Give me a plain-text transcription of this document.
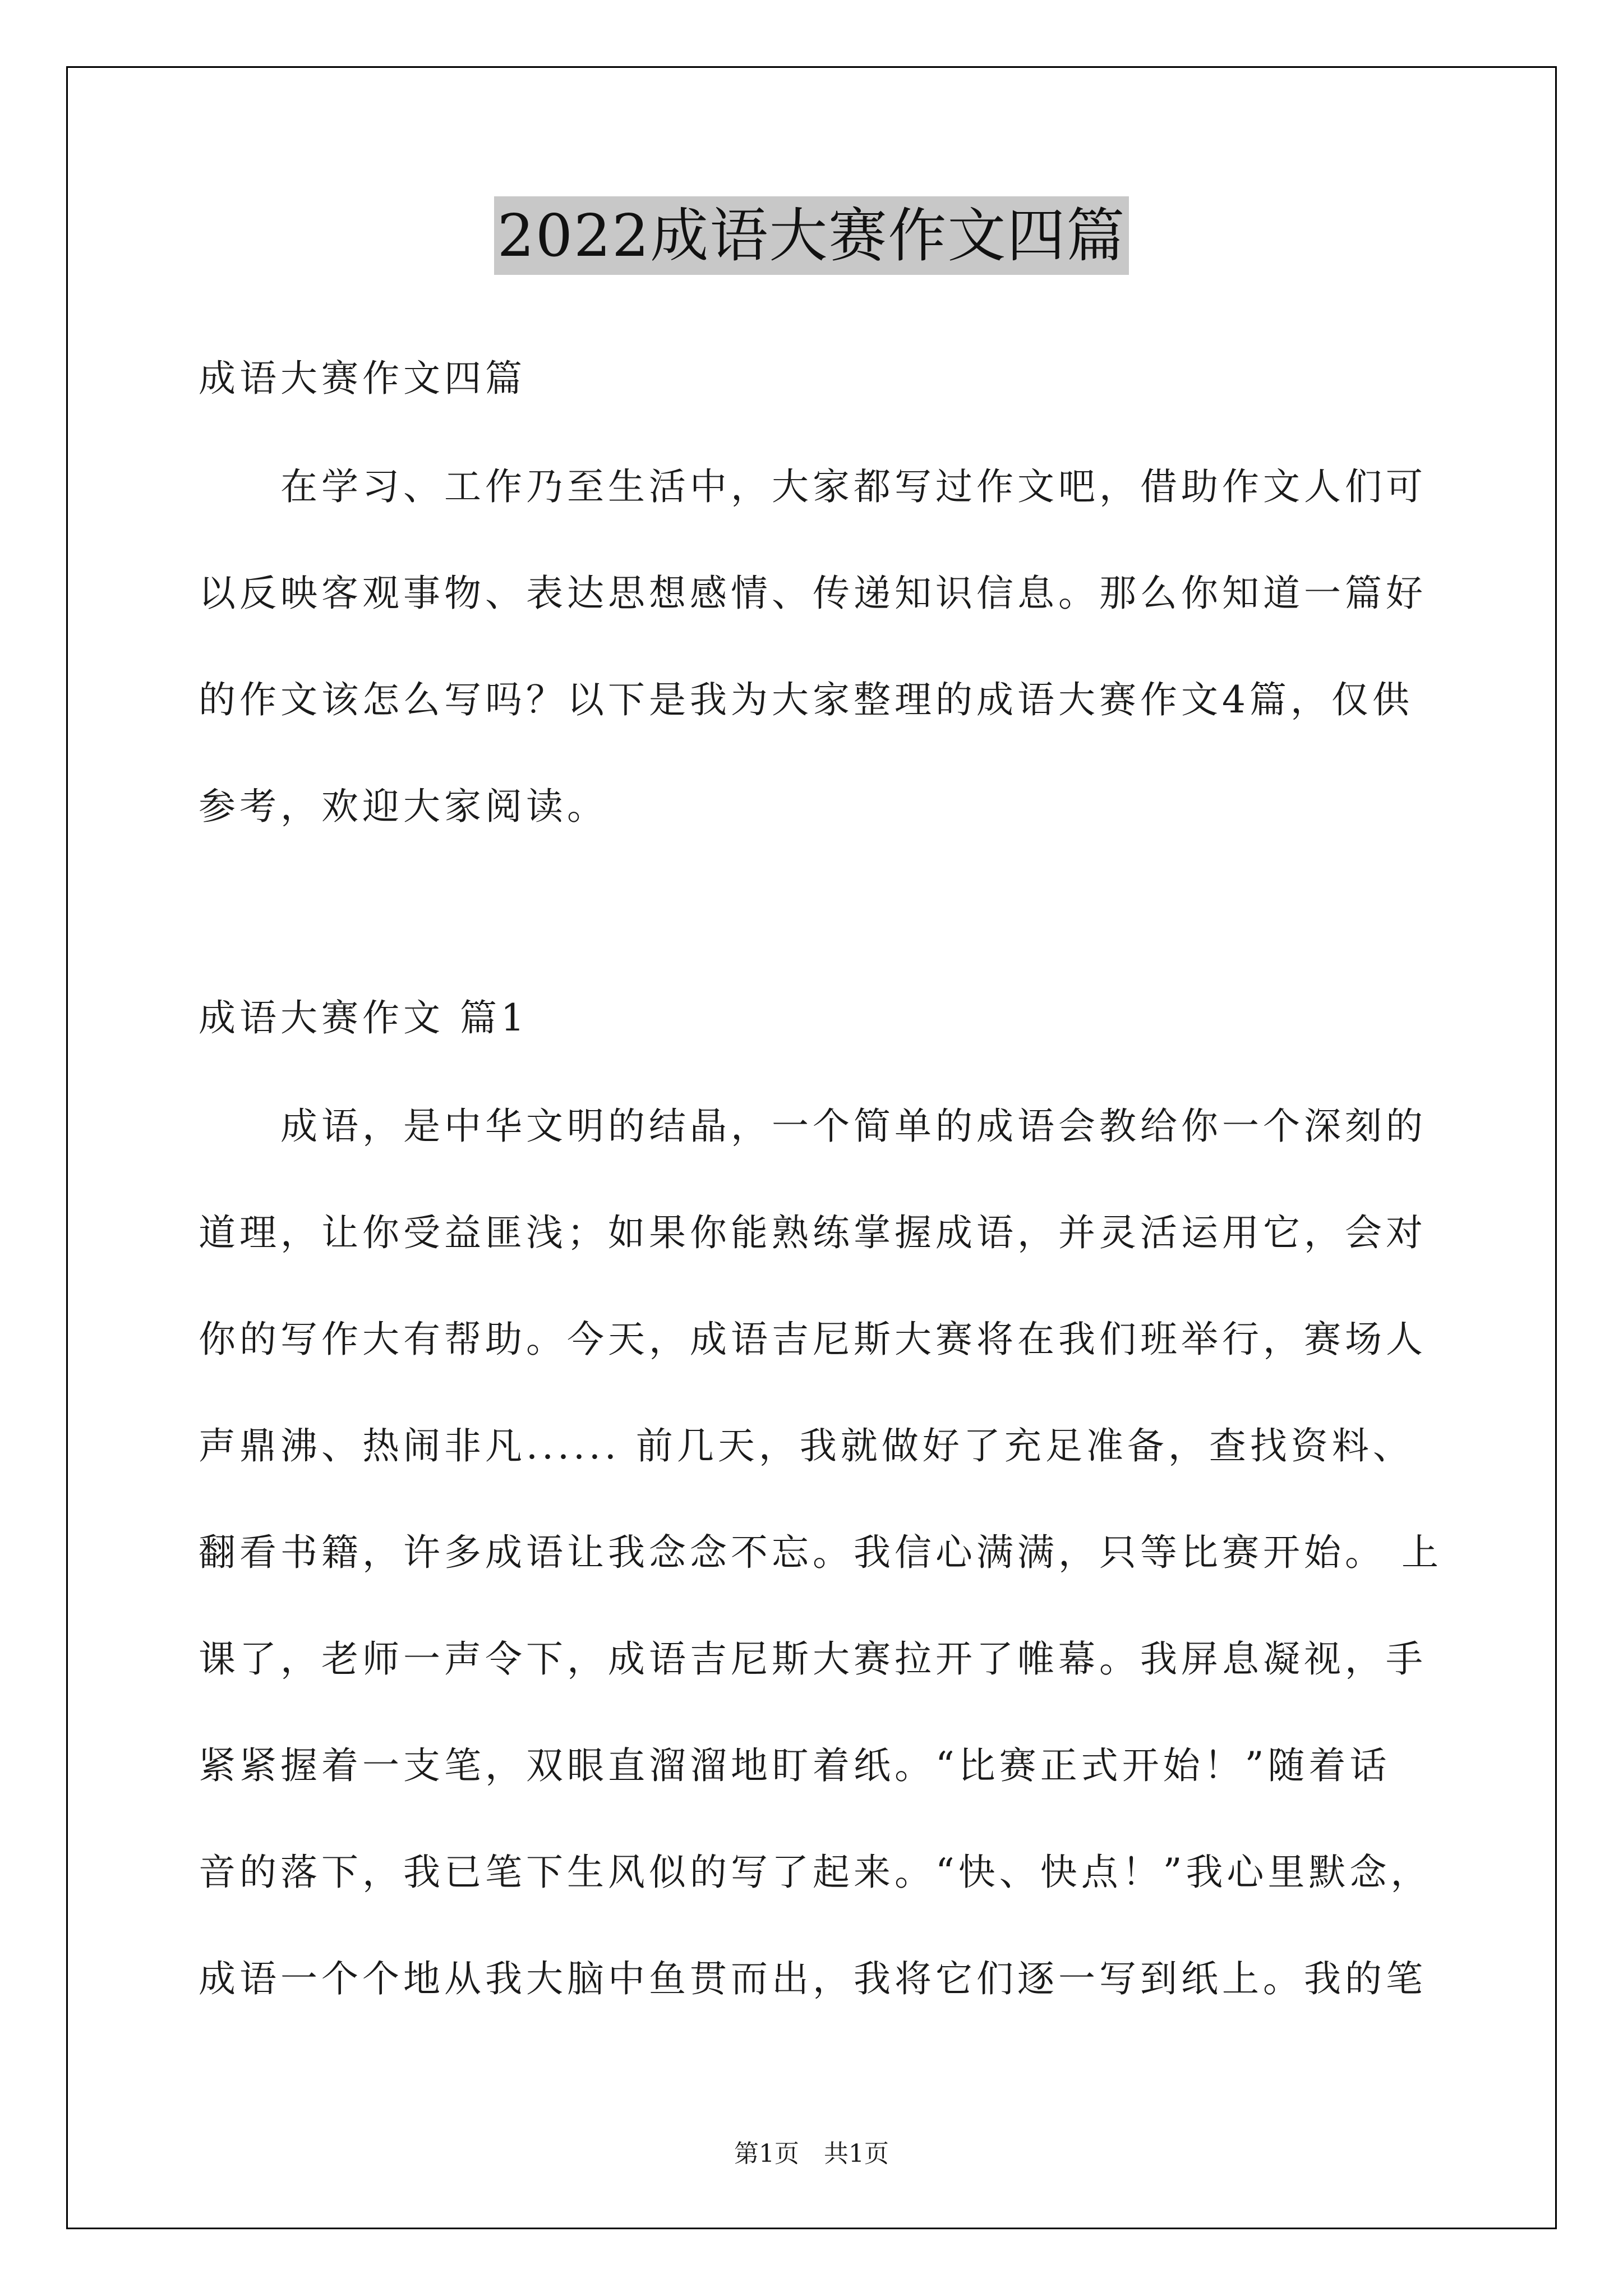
2022成语大赛作文四篇
成语大赛作文四篇
在学习、工作乃至生活中，大家都写过作文吧，借助作文人们可
以反映客观事物、表达思想感情、传递知识信息。那么你知道一篇好
的作文该怎么写吗？以下是我为大家整理的成语大赛作文4篇，仅供
参考，欢迎大家阅读。
成语大赛作文 篇1
成语，是中华文明的结晶，一个简单的成语会教给你一个深刻的
道理，让你受益匪浅；如果你能熟练掌握成语，并灵活运用它，会对
你的写作大有帮助。今天，成语吉尼斯大赛将在我们班举行，赛场人
声鼎沸、热闹非凡...... 前几天，我就做好了充足准备，查找资料、
翻看书籍，许多成语让我念念不忘。我信心满满，只等比赛开始。 上
课了，老师一声令下，成语吉尼斯大赛拉开了帷幕。我屏息凝视，手
紧紧握着一支笔，双眼直溜溜地盯着纸。“比赛正式开始！”随着话
音的落下，我已笔下生风似的写了起来。“快、快点！”我心里默念，
成语一个个地从我大脑中鱼贯而出，我将它们逐一写到纸上。我的笔
第1页　共1页
